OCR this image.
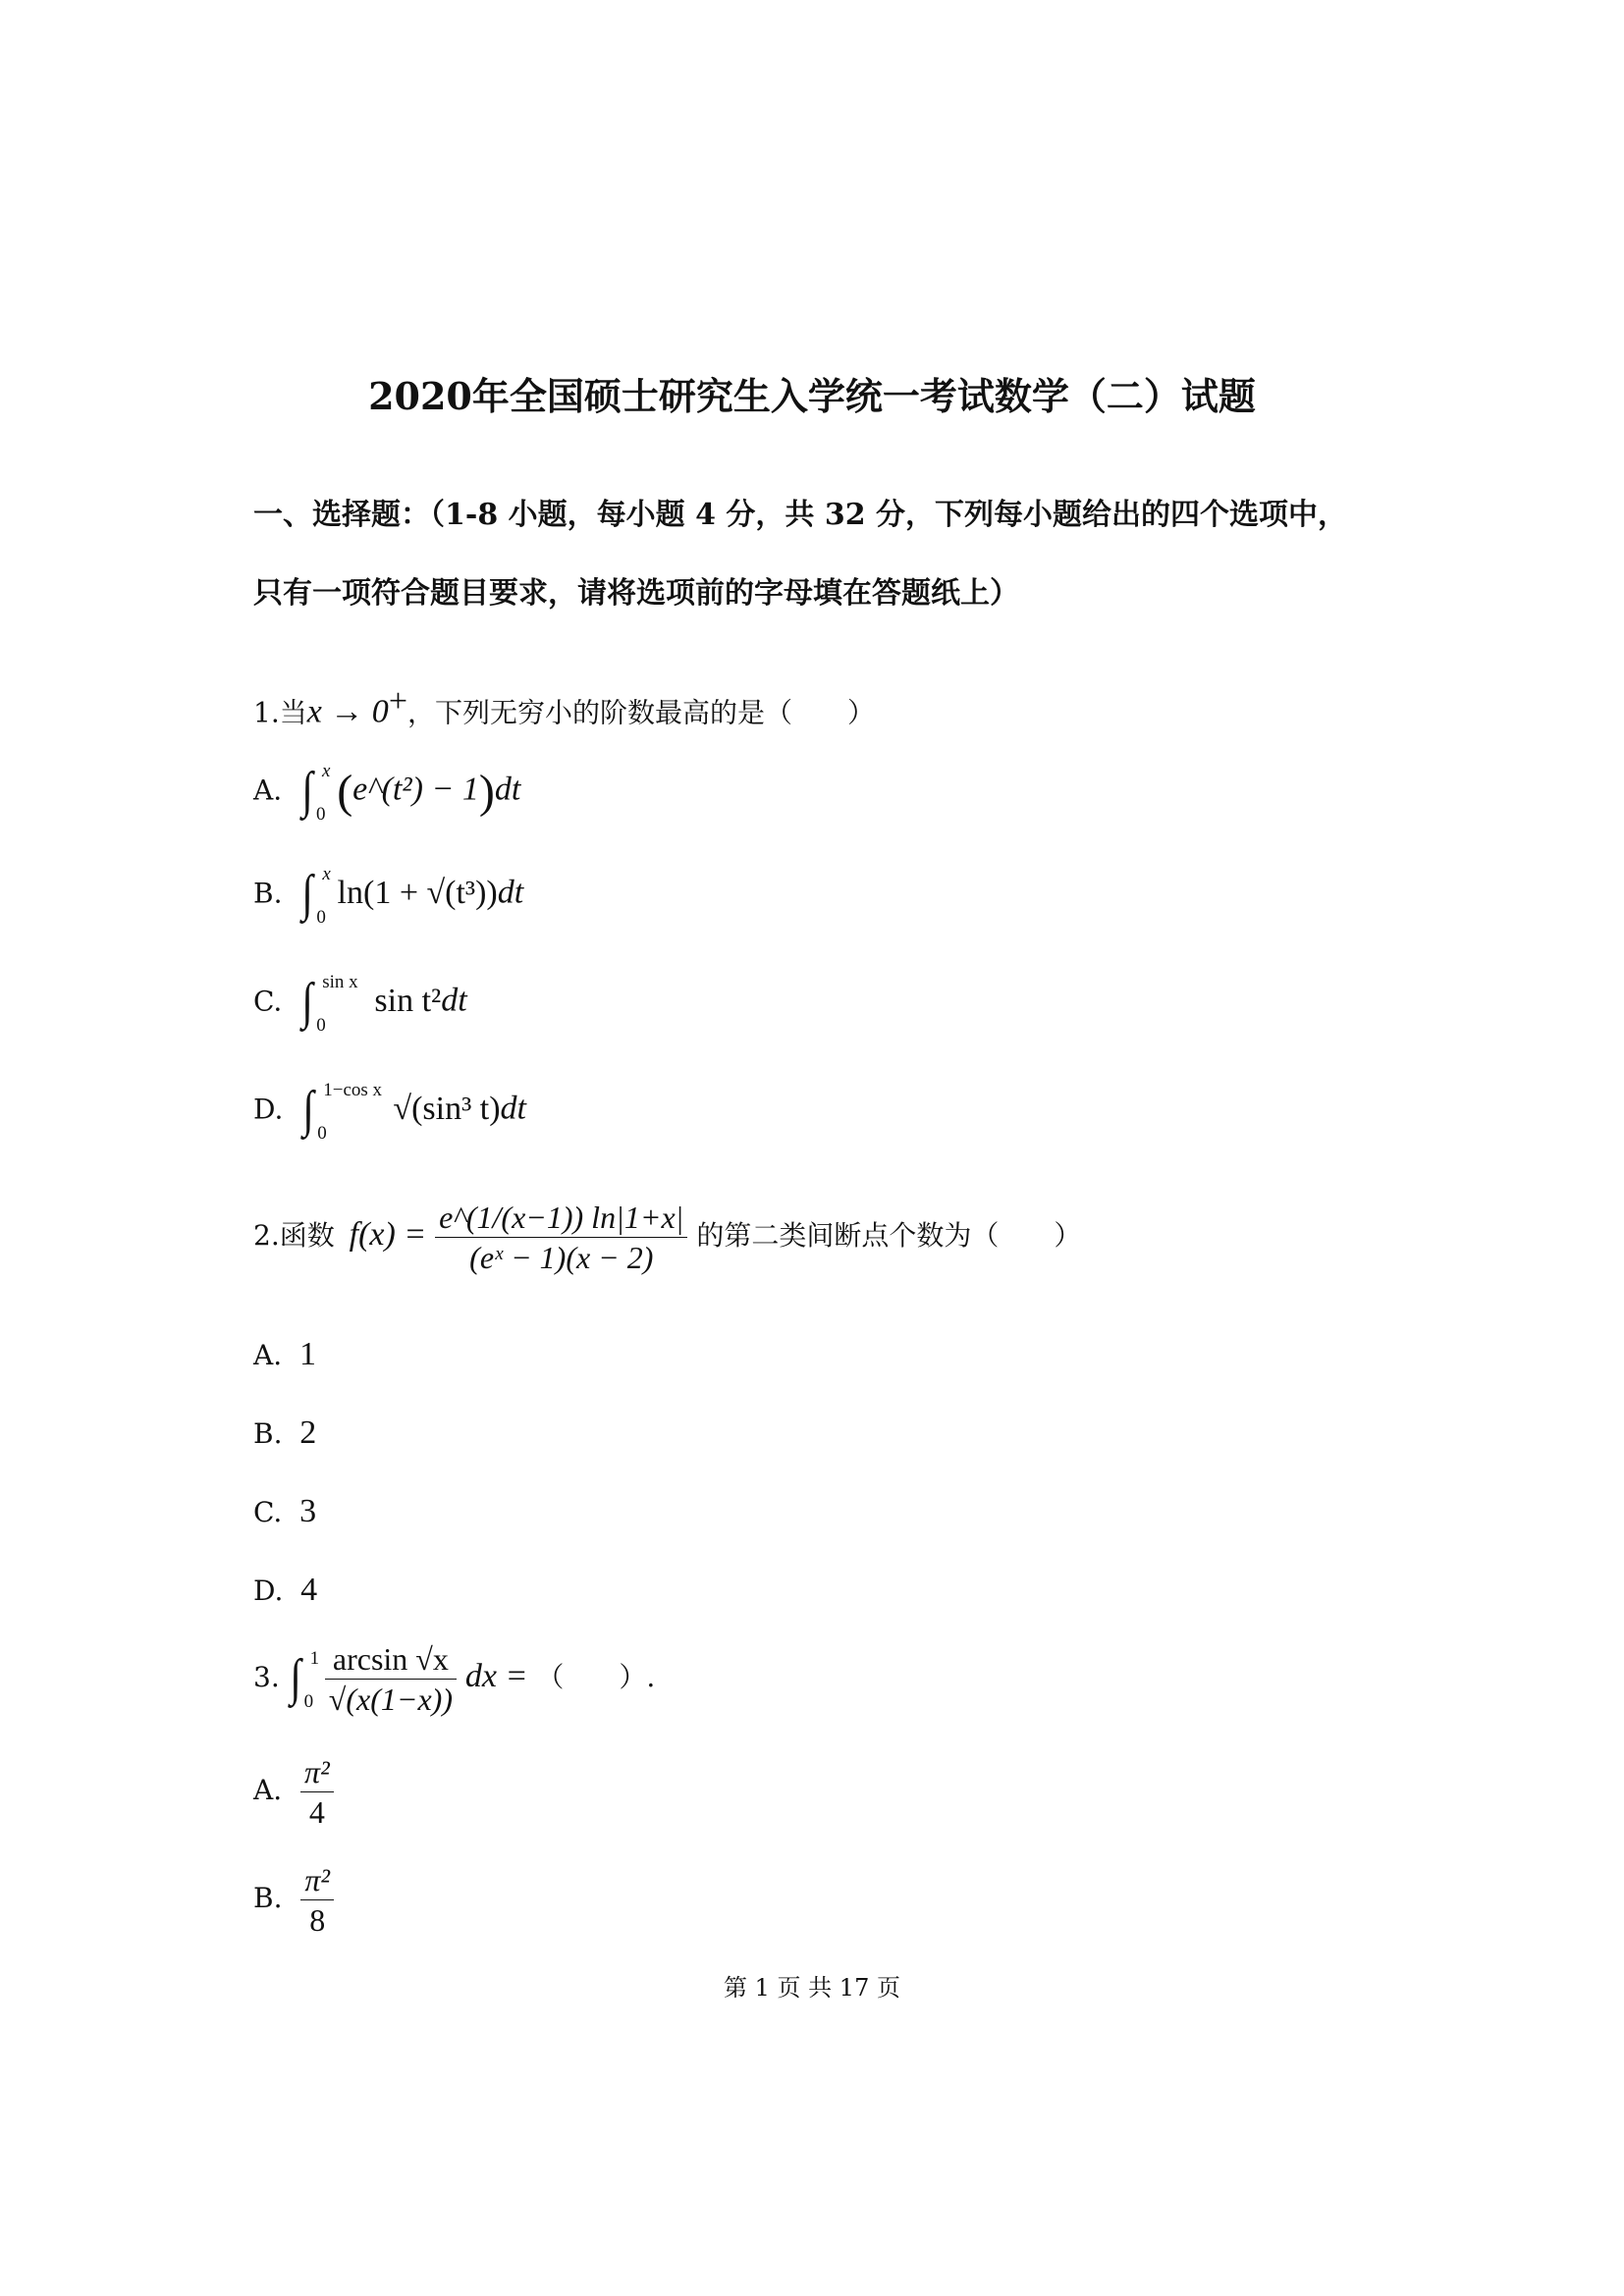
2020年全国硕士研究生入学统一考试数学（二）试题
一、选择题：（1-8 小题，每小题 4 分，共 32 分，下列每小题给出的四个选项中，
只有一项符合题目要求，请将选项前的字母填在答题纸上）
1.当x → 0+，下列无穷小的阶数最高的是（　　）
A. ∫ x
0 (e^(t²) − 1)dt
B. ∫ x
0
ln(1 + √(t³))dt
C. ∫ sin x
0
sin t²dt
D. ∫ 1−cos x
0
√(sin³ t)dt
2.函数 $f(x) = \frac{e\^{}(1/(x-1)) \ln|1+x|}{\text{(eˣ − 1)(x − 2)}}$ 的第二类间断点个数为（　　）
A. 1
B. 2
C. 3
D. 4
3. ∫ 1
0
$\frac{\arcsin √x}{√(x(1-x))}$ dx = （　　）.
A. $\frac{\text{π²}}{4}$
B. $\frac{\text{π²}}{8}$
第 1 页 共 17 页
